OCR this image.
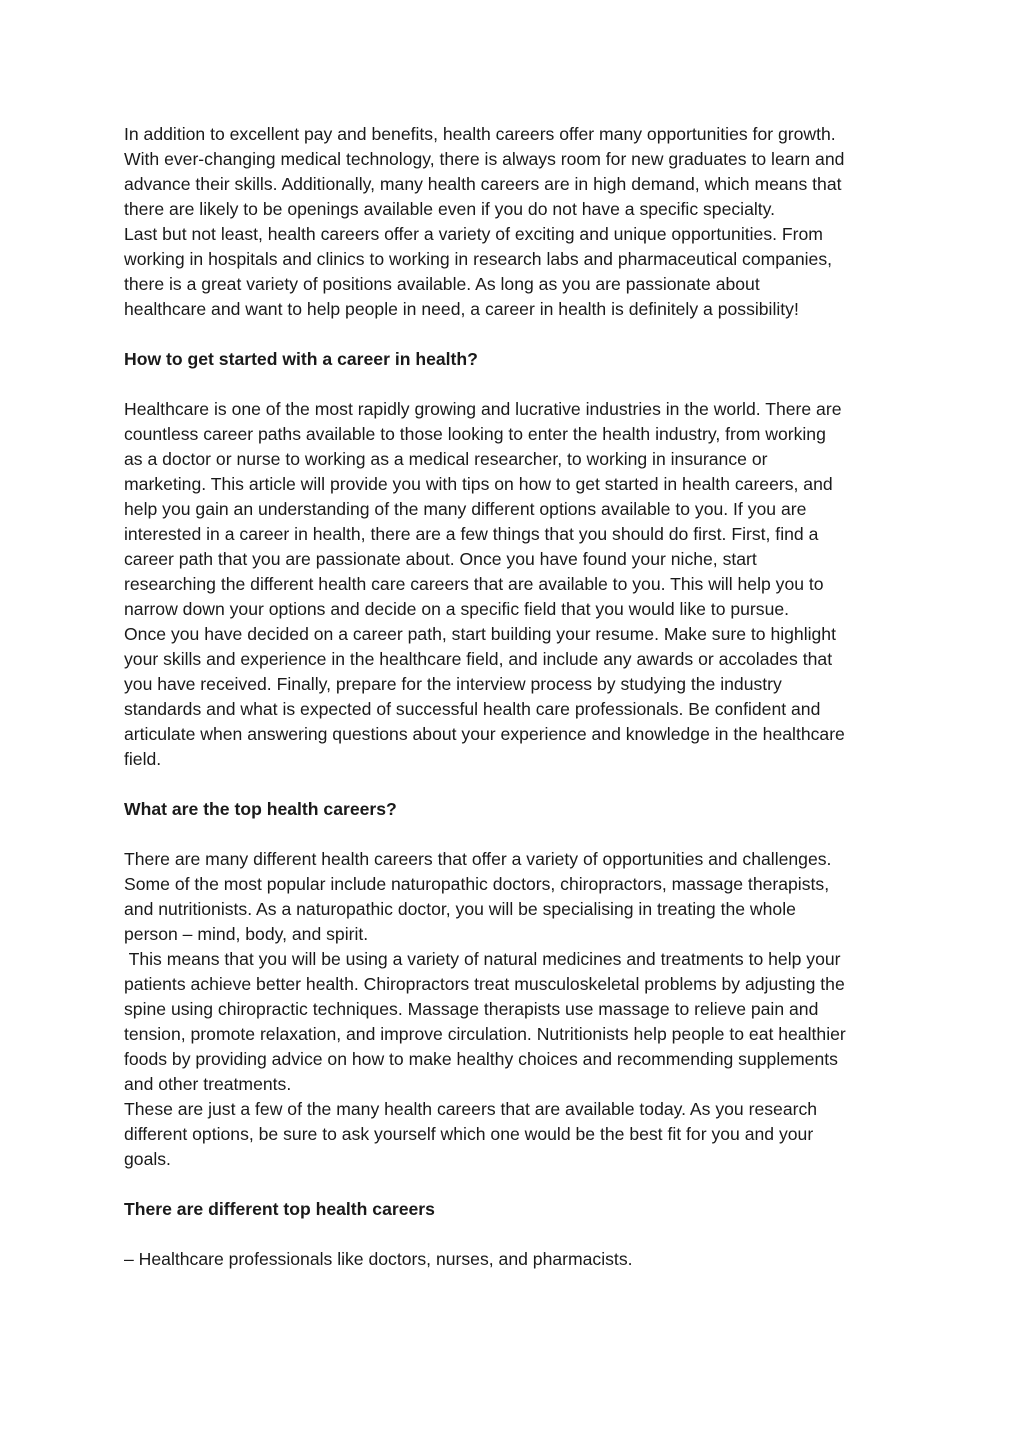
In addition to excellent pay and benefits, health careers offer many opportunities for growth.
With ever-changing medical technology, there is always room for new graduates to learn and
advance their skills. Additionally, many health careers are in high demand, which means that
there are likely to be openings available even if you do not have a specific specialty.
Last but not least, health careers offer a variety of exciting and unique opportunities. From
working in hospitals and clinics to working in research labs and pharmaceutical companies,
there is a great variety of positions available. As long as you are passionate about
healthcare and want to help people in need, a career in health is definitely a possibility!
How to get started with a career in health?
Healthcare is one of the most rapidly growing and lucrative industries in the world. There are
countless career paths available to those looking to enter the health industry, from working
as a doctor or nurse to working as a medical researcher, to working in insurance or
marketing. This article will provide you with tips on how to get started in health careers, and
help you gain an understanding of the many different options available to you. If you are
interested in a career in health, there are a few things that you should do first. First, find a
career path that you are passionate about. Once you have found your niche, start
researching the different health care careers that are available to you. This will help you to
narrow down your options and decide on a specific field that you would like to pursue.
Once you have decided on a career path, start building your resume. Make sure to highlight
your skills and experience in the healthcare field, and include any awards or accolades that
you have received. Finally, prepare for the interview process by studying the industry
standards and what is expected of successful health care professionals. Be confident and
articulate when answering questions about your experience and knowledge in the healthcare
field.
What are the top health careers?
There are many different health careers that offer a variety of opportunities and challenges.
Some of the most popular include naturopathic doctors, chiropractors, massage therapists,
and nutritionists. As a naturopathic doctor, you will be specialising in treating the whole
person – mind, body, and spirit.
This means that you will be using a variety of natural medicines and treatments to help your
patients achieve better health. Chiropractors treat musculoskeletal problems by adjusting the
spine using chiropractic techniques. Massage therapists use massage to relieve pain and
tension, promote relaxation, and improve circulation. Nutritionists help people to eat healthier
foods by providing advice on how to make healthy choices and recommending supplements
and other treatments.
These are just a few of the many health careers that are available today. As you research
different options, be sure to ask yourself which one would be the best fit for you and your
goals.
There are different top health careers
– Healthcare professionals like doctors, nurses, and pharmacists.
